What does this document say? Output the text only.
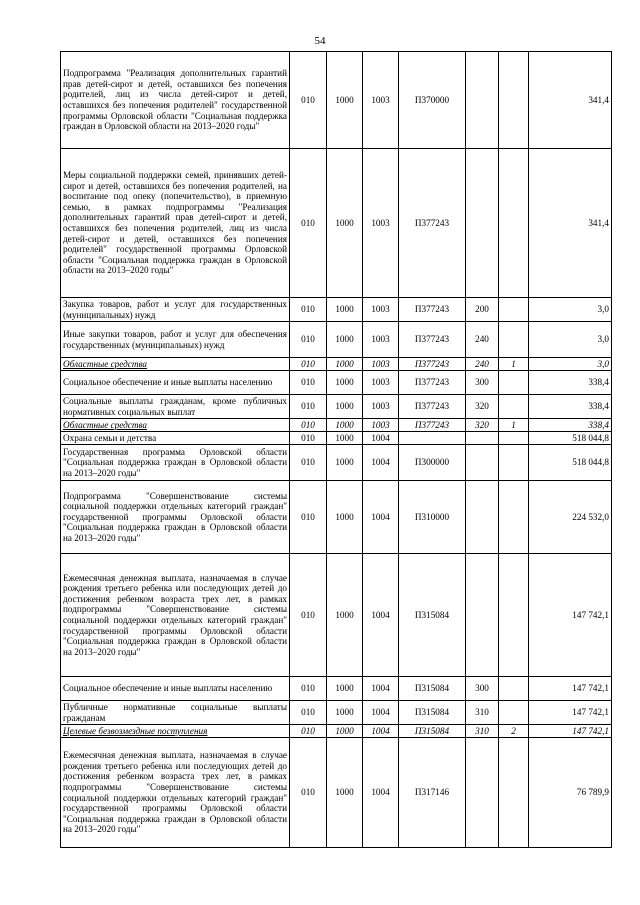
54
Подпрограмма "Реализация дополнительных гарантий прав детей-сирот и детей, оставшихся без попечения родителей, лиц из числа детей-сирот и детей, оставшихся без попечения родителей" государственной программы Орловской области "Социальная поддержка граждан в Орловской области на 2013–2020 годы"	010	1000	1003	П370000			341,4
Меры социальной поддержки семей, принявших детей-сирот и детей, оставшихся без попечения родителей, на воспитание под опеку (попечительство), в приемную семью, в рамках подпрограммы "Реализация дополнительных гарантий прав детей-сирот и детей, оставшихся без попечения родителей, лиц из числа детей-сирот и детей, оставшихся без попечения родителей" государственной программы Орловской области "Социальная поддержка граждан в Орловской области на 2013–2020 годы"	010	1000	1003	П377243			341,4
Закупка товаров, работ и услуг для государственных (муниципальных) нужд	010	1000	1003	П377243	200		3,0
Иные закупки товаров, работ и услуг для обеспечения государственных (муниципальных) нужд	010	1000	1003	П377243	240		3,0
Областные средства	010	1000	1003	П377243	240	1	3,0
Социальное обеспечение и иные выплаты населению	010	1000	1003	П377243	300		338,4
Социальные выплаты гражданам, кроме публичных нормативных социальных выплат	010	1000	1003	П377243	320		338,4
Областные средства	010	1000	1003	П377243	320	1	338,4
Охрана семьи и детства	010	1000	1004				518 044,8
Государственная программа Орловской области "Социальная поддержка граждан в Орловской области на 2013–2020 годы"	010	1000	1004	П300000			518 044,8
Подпрограмма "Совершенствование системы социальной поддержки отдельных категорий граждан" государственной программы Орловской области "Социальная поддержка граждан в Орловской области на 2013–2020 годы"	010	1000	1004	П310000			224 532,0
Ежемесячная денежная выплата, назначаемая в случае рождения третьего ребенка или последующих детей до достижения ребенком возраста трех лет, в рамках подпрограммы "Совершенствование системы социальной поддержки отдельных категорий граждан" государственной программы Орловской области "Социальная поддержка граждан в Орловской области на 2013–2020 годы"	010	1000	1004	П315084			147 742,1
Социальное обеспечение и иные выплаты населению	010	1000	1004	П315084	300		147 742,1
Публичные нормативные социальные выплаты гражданам	010	1000	1004	П315084	310		147 742,1
Целевые безвозмездные поступления	010	1000	1004	П315084	310	2	147 742,1
Ежемесячная денежная выплата, назначаемая в случае рождения третьего ребенка или последующих детей до достижения ребенком возраста трех лет, в рамках подпрограммы "Совершенствование системы социальной поддержки отдельных категорий граждан" государственной программы Орловской области "Социальная поддержка граждан в Орловской области на 2013–2020 годы"	010	1000	1004	П317146			76 789,9
